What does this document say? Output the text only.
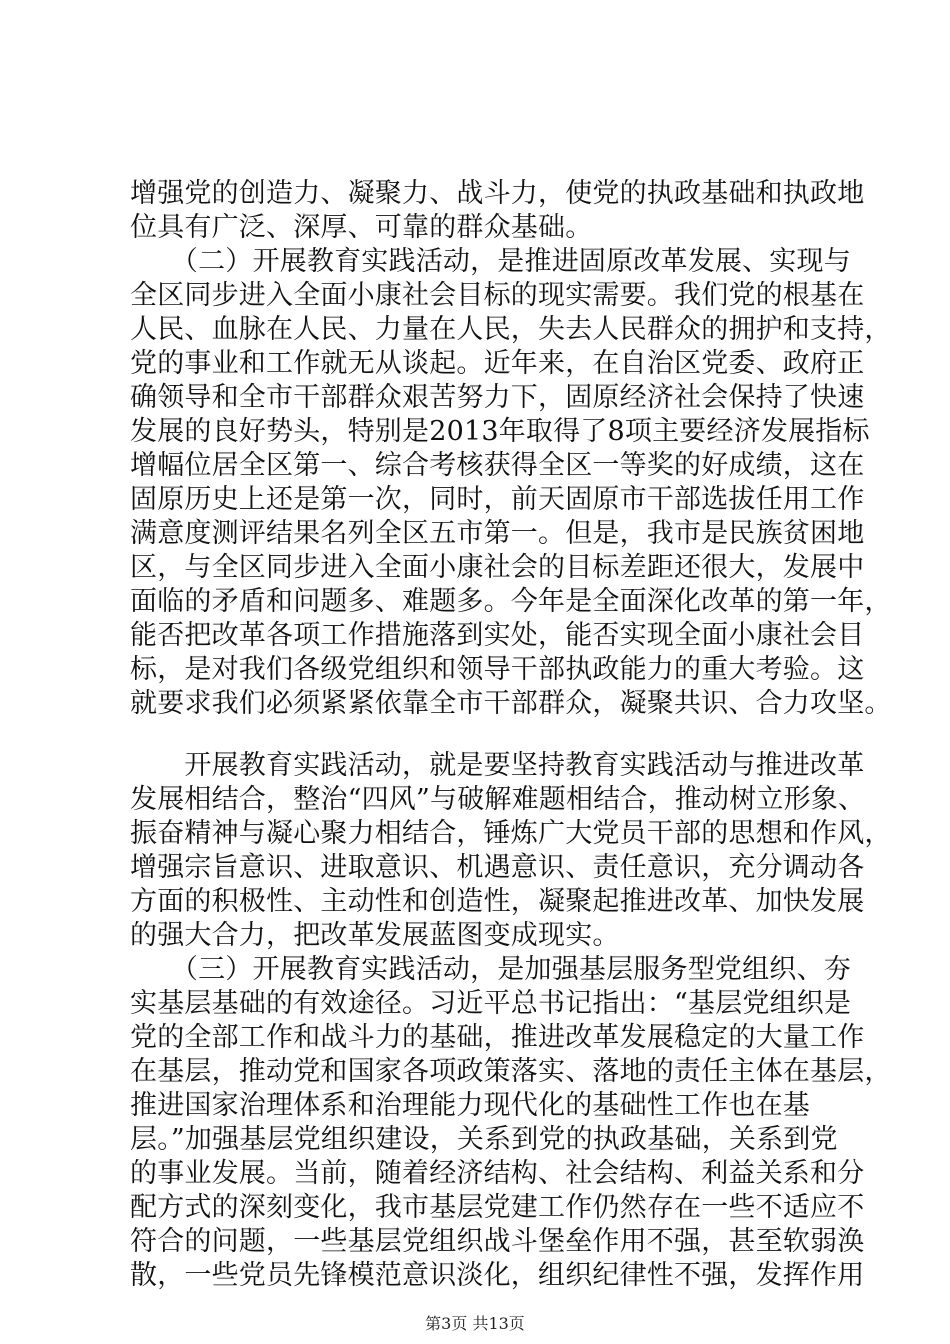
增强党的创造力、凝聚力、战斗力，使党的执政基础和执政地
位具有广泛、深厚、可靠的群众基础。
　　（二）开展教育实践活动，是推进固原改革发展、实现与
全区同步进入全面小康社会目标的现实需要。我们党的根基在
人民、血脉在人民、力量在人民，失去人民群众的拥护和支持，
党的事业和工作就无从谈起。近年来，在自治区党委、政府正
确领导和全市干部群众艰苦努力下，固原经济社会保持了快速
发展的良好势头，特别是2013年取得了8项主要经济发展指标
增幅位居全区第一、综合考核获得全区一等奖的好成绩，这在
固原历史上还是第一次，同时，前天固原市干部选拔任用工作
满意度测评结果名列全区五市第一。但是，我市是民族贫困地
区，与全区同步进入全面小康社会的目标差距还很大，发展中
面临的矛盾和问题多、难题多。今年是全面深化改革的第一年，
能否把改革各项工作措施落到实处，能否实现全面小康社会目
标，是对我们各级党组织和领导干部执政能力的重大考验。这
就要求我们必须紧紧依靠全市干部群众，凝聚共识、合力攻坚。
　　开展教育实践活动，就是要坚持教育实践活动与推进改革
发展相结合，整治“四风”与破解难题相结合，推动树立形象、
振奋精神与凝心聚力相结合，锤炼广大党员干部的思想和作风，
增强宗旨意识、进取意识、机遇意识、责任意识，充分调动各
方面的积极性、主动性和创造性，凝聚起推进改革、加快发展
的强大合力，把改革发展蓝图变成现实。
　　（三）开展教育实践活动，是加强基层服务型党组织、夯
实基层基础的有效途径。习近平总书记指出：“基层党组织是
党的全部工作和战斗力的基础，推进改革发展稳定的大量工作
在基层，推动党和国家各项政策落实、落地的责任主体在基层，
推进国家治理体系和治理能力现代化的基础性工作也在基
层。”加强基层党组织建设，关系到党的执政基础，关系到党
的事业发展。当前，随着经济结构、社会结构、利益关系和分
配方式的深刻变化，我市基层党建工作仍然存在一些不适应不
符合的问题，一些基层党组织战斗堡垒作用不强，甚至软弱涣
散，一些党员先锋模范意识淡化，组织纪律性不强，发挥作用
第3页 共13页
